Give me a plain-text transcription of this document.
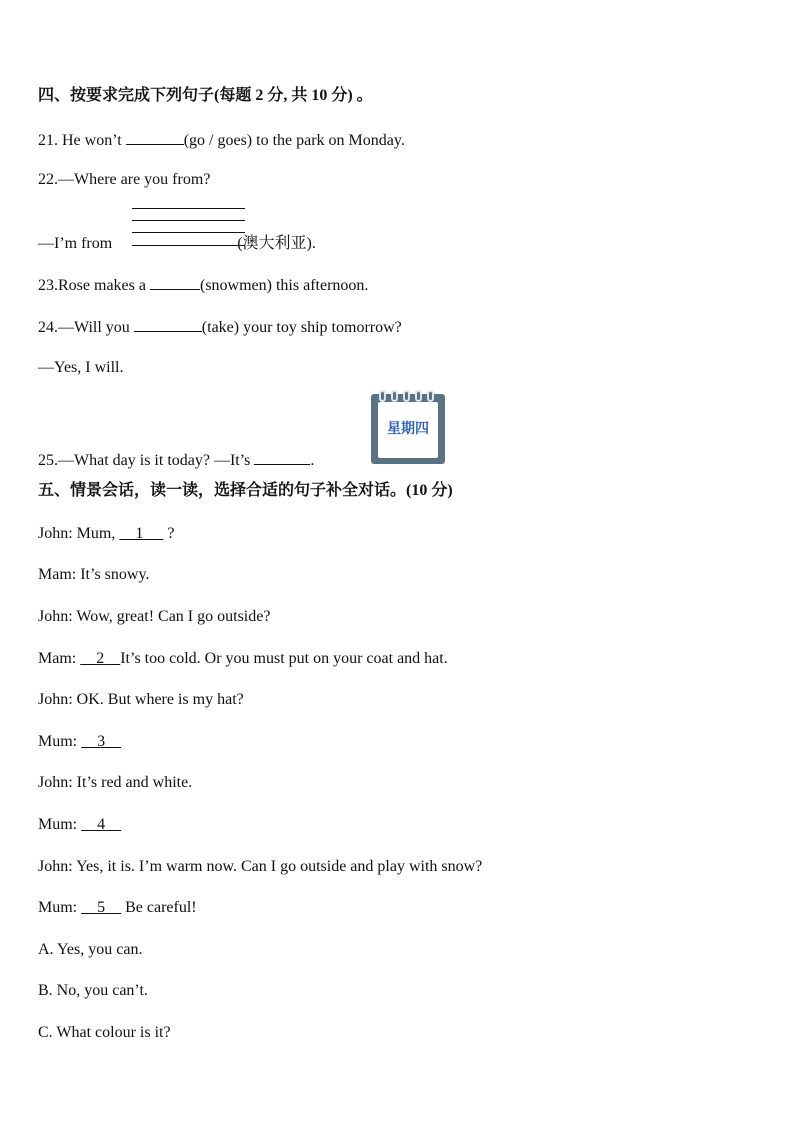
四、按要求完成下列句子(每题 2 分, 共 10 分) 。
21. He won’t	(go / goes) to the park on Monday.
22.—Where are you from?
—I’m from	(澳大利亚).
23.Rose makes a	(snowmen) this afternoon.
24.—Will you	(take) your toy ship tomorrow?
—Yes, I will.
25.—What day is it today? —It’s	.
星期四
五、情景会话，读一读，选择合适的句子补全对话。(10 分)
John: Mum,     1      ?
Mam: It’s snowy.
John: Wow, great! Can I go outside?
Mam:     2 It’s too cold. Or you must put on your coat and hat.
John: OK. But where is my hat?
Mum:     3
John: It’s red and white.
Mum:     4
John: Yes, it is. I’m warm now. Can I go outside and play with snow?
Mum:     5     Be careful!
A. Yes, you can.
B. No, you can’t.
C. What colour is it?
